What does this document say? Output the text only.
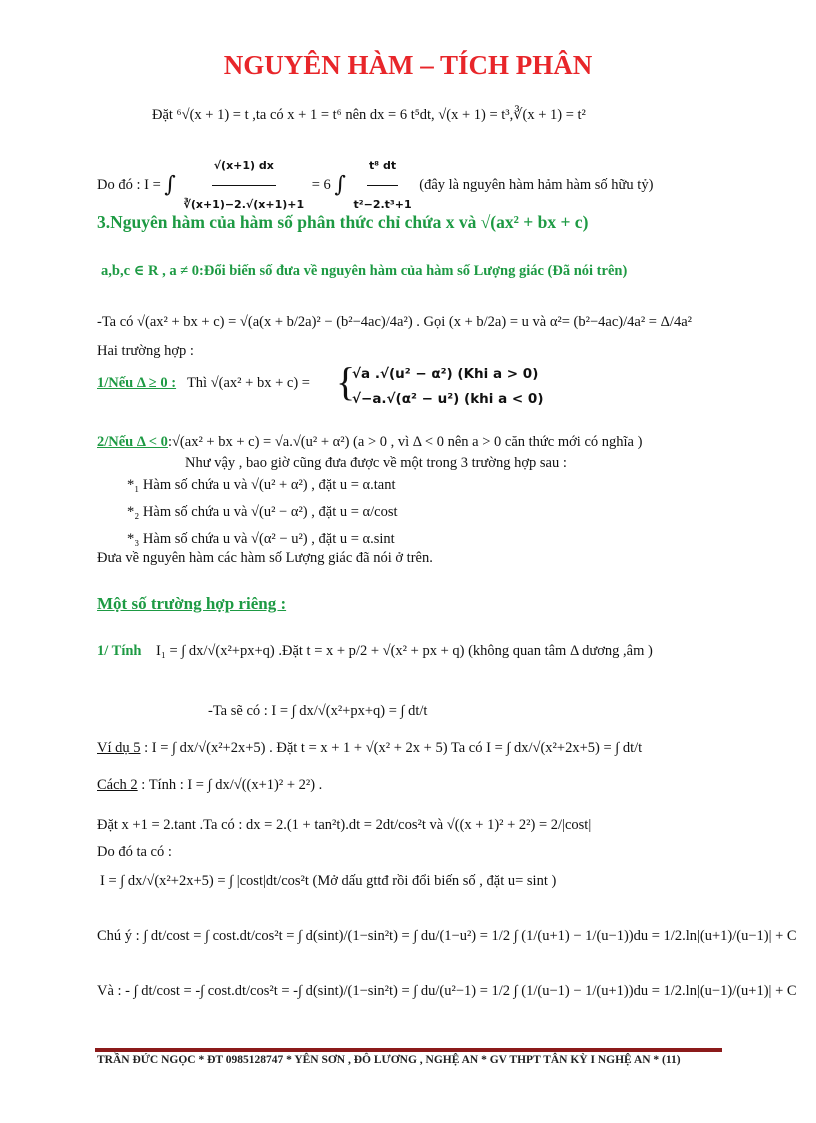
NGUYÊN HÀM – TÍCH PHÂN
Đặt ⁶√(x + 1) = t ,ta có x + 1 = t⁶ nên dx = 6 t⁵dt, √(x + 1) = t³,∛(x + 1) = t²
Do đó : I = ∫ $\frac{√(x+1) dx}{∛(x+1)-2.√(x+1)+1} = 6$ ∫ $\frac{\text{t⁸ dt}}{\text{t²−2.t³+1}}$ (đây là nguyên hàm hảm hàm số hữu tỷ)
3.Nguyên hàm của hàm số phân thức chỉ chứa x và √(ax² + bx + c)
a,b,c ∈ R , a ≠ 0:Đổi biến số đưa về nguyên hàm của hàm số Lượng giác (Đã nói trên)
-Ta có √(ax² + bx + c) = √(a(x + b/2a)² − (b²−4ac)/4a²) . Gọi (x + b/2a) = u và α²= (b²−4ac)/4a² = Δ/4a²
Hai trường hợp :
1/Nếu Δ ≥ 0 : Thì √(ax² + bx + c) = {
√a .√(u² − α²) (Khi a > 0)
√−a.√(α² − u²) (khi a < 0)
2/Nếu Δ < 0:√(ax² + bx + c) = √a.√(u² + α²) (a > 0 , vì Δ < 0 nên a > 0 căn thức mới có nghĩa )
Như vậy , bao giờ cũng đưa được về một trong 3 trường hợp sau :
*₁ Hàm số chứa u và √(u² + α²) , đặt u = α.tant
*₂ Hàm số chứa u và √(u² − α²) , đặt u = α/cost
*₃ Hàm số chứa u và √(α² − u²) , đặt u = α.sint
Đưa về nguyên hàm các hàm số Lượng giác đã nói ở trên.
Một số trường hợp riêng :
1/ Tính I₁ = ∫ dx/√(x²+px+q) .Đặt t = x + p/2 + √(x² + px + q) (không quan tâm Δ dương ,âm )
-Ta sẽ có : I = ∫ dx/√(x²+px+q) = ∫ dt/t
Ví dụ 5 : I = ∫ dx/√(x²+2x+5) . Đặt t = x + 1 + √(x² + 2x + 5) Ta có I = ∫ dx/√(x²+2x+5) = ∫ dt/t
Cách 2 : Tính : I = ∫ dx/√((x+1)² + 2²) .
Đặt x +1 = 2.tant .Ta có : dx = 2.(1 + tan²t).dt = 2dt/cos²t và √((x + 1)² + 2²) = 2/|cost|
Do đó ta có :
I = ∫ dx/√(x²+2x+5) = ∫ |cost|dt/cos²t (Mở dấu gttđ rồi đổi biến số , đặt u= sint )
Chú ý : ∫ dt/cost = ∫ cost.dt/cos²t = ∫ d(sint)/(1−sin²t) = ∫ du/(1−u²) = 1/2 ∫ (1/(u+1) − 1/(u−1))du = 1/2.ln|(u+1)/(u−1)| + C
Và : - ∫ dt/cost = -∫ cost.dt/cos²t = -∫ d(sint)/(1−sin²t) = ∫ du/(u²−1) = 1/2 ∫ (1/(u−1) − 1/(u+1))du = 1/2.ln|(u−1)/(u+1)| + C
TRẦN ĐỨC NGỌC * ĐT 0985128747 * YÊN SƠN , ĐÔ LƯƠNG , NGHỆ AN * GV THPT TÂN KỲ I NGHỆ AN * (11)
